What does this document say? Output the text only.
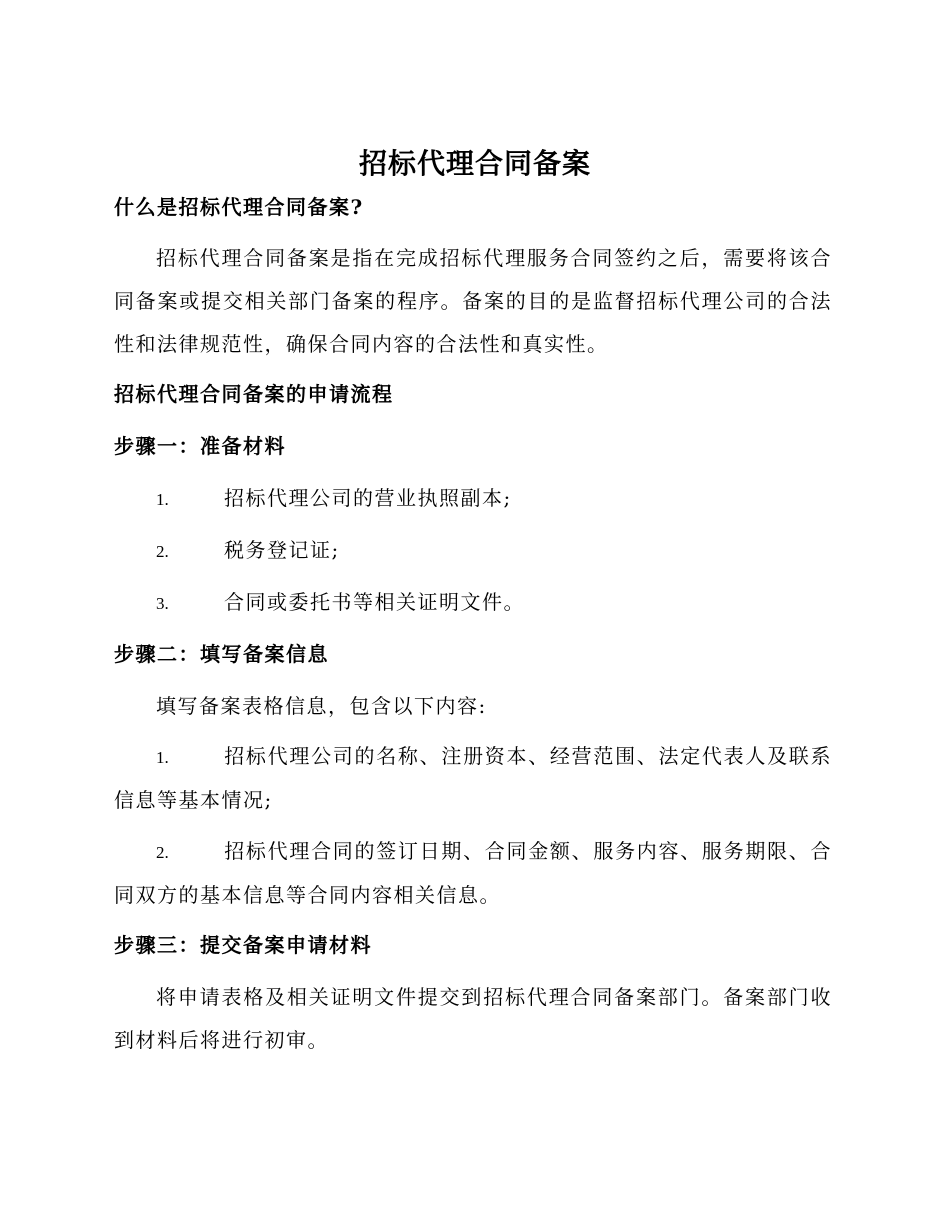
招标代理合同备案
什么是招标代理合同备案?
招标代理合同备案是指在完成招标代理服务合同签约之后，需要将该合同备案或提交相关部门备案的程序。备案的目的是监督招标代理公司的合法性和法律规范性，确保合同内容的合法性和真实性。
招标代理合同备案的申请流程
步骤一：准备材料
1.	招标代理公司的营业执照副本;
2.	税务登记证;
3.	合同或委托书等相关证明文件。
步骤二：填写备案信息
填写备案表格信息，包含以下内容:
1.	招标代理公司的名称、注册资本、经营范围、法定代表人及联系信息等基本情况;
2.	招标代理合同的签订日期、合同金额、服务内容、服务期限、合同双方的基本信息等合同内容相关信息。
步骤三：提交备案申请材料
将申请表格及相关证明文件提交到招标代理合同备案部门。备案部门收到材料后将进行初审。
